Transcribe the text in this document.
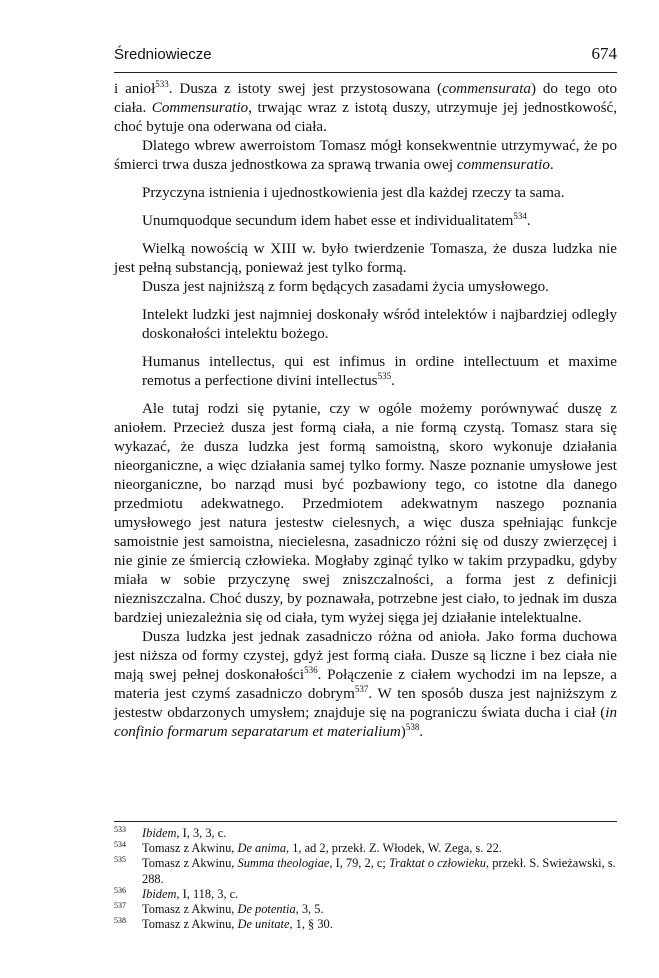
Średniowiecze	674

i anioł$^{533}$. Dusza z istoty swej jest przystosowana (commensurata) do tego oto ciała. Commensuratio, trwając wraz z istotą duszy, utrzymuje jej jednostkowość, choć bytuje ona oderwana od ciała.

Dlatego wbrew awerroistom Tomasz mógł konsekwentnie utrzymywać, że po śmierci trwa dusza jednostkowa za sprawą trwania owej commensuratio.

Przyczyna istnienia i ujednostkowienia jest dla każdej rzeczy ta sama.

Unumquodque secundum idem habet esse et individualitatem$^{534}$.

Wielką nowością w XIII w. było twierdzenie Tomasza, że dusza ludzka nie jest pełną substancją, ponieważ jest tylko formą.

Dusza jest najniższą z form będących zasadami życia umysłowego.

Intelekt ludzki jest najmniej doskonały wśród intelektów i najbardziej odległy doskonałości intelektu bożego.

Humanus intellectus, qui est infimus in ordine intellectuum et maxime remotus a perfectione divini intellectus$^{535}$.

Ale tutaj rodzi się pytanie, czy w ogóle możemy porównywać duszę z aniołem. Przecież dusza jest formą ciała, a nie formą czystą. Tomasz stara się wykazać, że dusza ludzka jest formą samoistną, skoro wykonuje działania nieorganiczne, a więc działania samej tylko formy. Nasze poznanie umysłowe jest nieorganiczne, bo narząd musi być pozbawiony tego, co istotne dla danego przedmiotu adekwatnego. Przedmiotem adekwatnym naszego poznania umysłowego jest natura jestestw cielesnych, a więc dusza spełniając funkcje samoistnie jest samoistna, niecielesna, zasadniczo różni się od duszy zwierzęcej i nie ginie ze śmiercią człowieka. Mogłaby zginąć tylko w takim przypadku, gdyby miała w sobie przyczynę swej zniszczalności, a forma jest z definicji niezniszczalna. Choć duszy, by poznawała, potrzebne jest ciało, to jednak im dusza bardziej uniezależnia się od ciała, tym wyżej sięga jej działanie intelektualne.

Dusza ludzka jest jednak zasadniczo różna od anioła. Jako forma duchowa jest niższa od formy czystej, gdyż jest formą ciała. Dusze są liczne i bez ciała nie mają swej pełnej doskonałości$^{536}$. Połączenie z ciałem wychodzi im na lepsze, a materia jest czymś zasadniczo dobrym$^{537}$. W ten sposób dusza jest najniższym z jestestw obdarzonych umysłem; znajduje się na pograniczu świata ducha i ciał (in confinio formarum separatarum et materialium)$^{538}$.

533 Ibidem, I, 3, 3, c.
534 Tomasz z Akwinu, De anima, 1, ad 2, przekł. Z. Włodek, W. Zega, s. 22.
535 Tomasz z Akwinu, Summa theologiae, I, 79, 2, c; Traktat o człowieku, przekł. S. Swieżawski, s. 288.
536 Ibidem, I, 118, 3, c.
537 Tomasz z Akwinu, De potentia, 3, 5.
538 Tomasz z Akwinu, De unitate, 1, § 30.
